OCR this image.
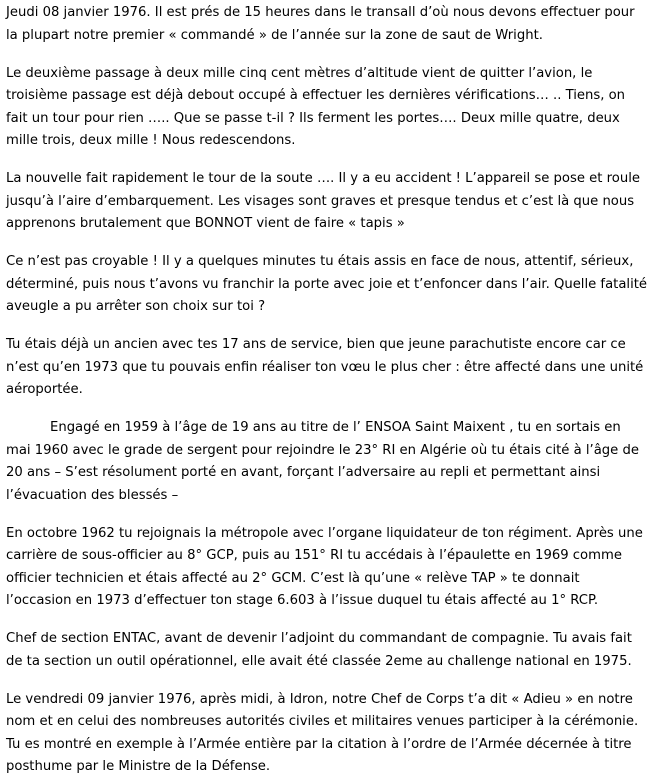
Jeudi 08 janvier 1976. Il est prés de 15 heures dans le transall d’où nous devons effectuer pour la plupart notre premier « commandé » de l’année sur la zone de saut de Wright.

Le deuxième passage à deux mille cinq cent mètres d’altitude vient de quitter l’avion, le troisième passage est déjà debout occupé à effectuer les dernières vérifications… .. Tiens, on fait un tour pour rien ….. Que se passe t-il ? Ils ferment les portes…. Deux mille quatre, deux mille trois, deux mille ! Nous redescendons.

La nouvelle fait rapidement le tour de la soute …. Il y a eu accident ! L’appareil se pose et roule jusqu’à l’aire d’embarquement. Les visages sont graves et presque tendus et c’est là que nous apprenons brutalement que BONNOT vient de faire « tapis »

Ce n’est pas croyable ! Il y a quelques minutes tu étais assis en face de nous, attentif, sérieux, déterminé, puis nous t’avons vu franchir la porte avec joie et t’enfoncer dans l’air. Quelle fatalité aveugle a pu arrêter son choix sur toi ?

Tu étais déjà un ancien avec tes 17 ans de service, bien que jeune parachutiste encore car ce n’est qu’en 1973 que tu pouvais enfin réaliser ton vœu le plus cher : être affecté dans une unité aéroportée.

Engagé en 1959 à l’âge de 19 ans au titre de l’ ENSOA Saint Maixent , tu en sortais en mai 1960 avec le grade de sergent pour rejoindre le 23° RI en Algérie où tu étais cité à l’âge de 20 ans – S’est résolument porté en avant, forçant l’adversaire au repli et permettant ainsi l’évacuation des blessés –

En octobre 1962 tu rejoignais la métropole avec l’organe liquidateur de ton régiment. Après une carrière de sous-officier au 8° GCP, puis au 151° RI tu accédais à l’épaulette en 1969 comme officier technicien et étais affecté au 2° GCM. C’est là qu’une « relève TAP » te donnait l’occasion en 1973 d’effectuer ton stage 6.603 à l’issue duquel tu étais affecté au 1° RCP.

Chef de section ENTAC, avant de devenir l’adjoint du commandant de compagnie. Tu avais fait de ta section un outil opérationnel, elle avait été classée 2eme au challenge national en 1975.

Le vendredi 09 janvier 1976, après midi, à Idron, notre Chef de Corps t’a dit « Adieu » en notre nom et en celui des nombreuses autorités civiles et militaires venues participer à la cérémonie. Tu es montré en exemple à l’Armée entière par la citation à l’ordre de l’Armée décernée à titre posthume par le Ministre de la Défense.
